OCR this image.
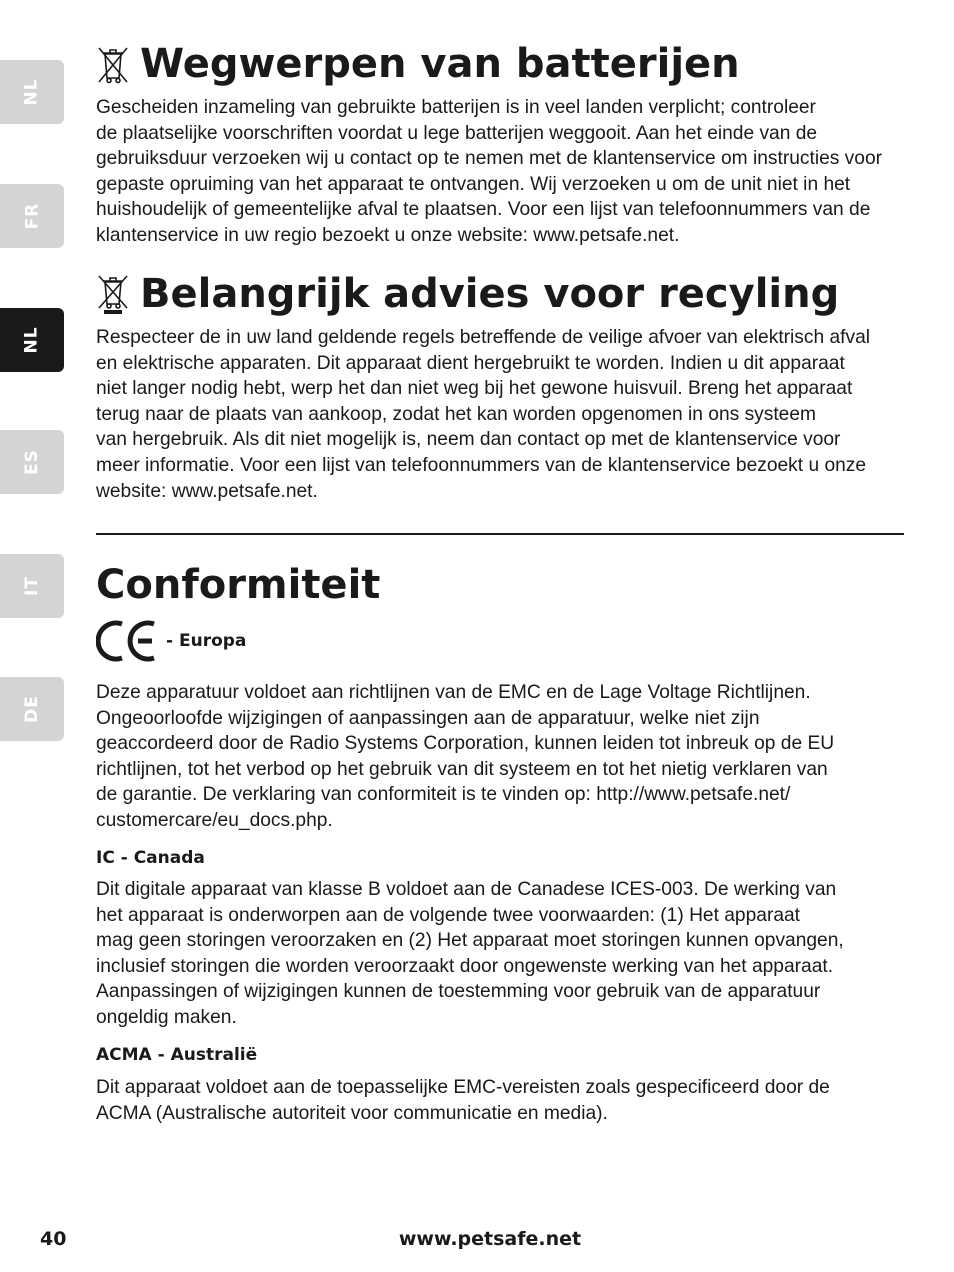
NL
FR
NL
ES
IT
DE
Wegwerpen van batterijen

Gescheiden inzameling van gebruikte batterijen is in veel landen verplicht; controleer
de plaatselijke voorschriften voordat u lege batterijen weggooit. Aan het einde van de
gebruiksduur verzoeken wij u contact op te nemen met de klantenservice om instructies voor
gepaste opruiming van het apparaat te ontvangen. Wij verzoeken u om de unit niet in het
huishoudelijk of gemeentelijke afval te plaatsen. Voor een lijst van telefoonnummers van de
klantenservice in uw regio bezoekt u onze website: www.petsafe.net.

Belangrijk advies voor recyling

Respecteer de in uw land geldende regels betreffende de veilige afvoer van elektrisch afval
en elektrische apparaten. Dit apparaat dient hergebruikt te worden. Indien u dit apparaat
niet langer nodig hebt, werp het dan niet weg bij het gewone huisvuil. Breng het apparaat
terug naar de plaats van aankoop, zodat het kan worden opgenomen in ons systeem
van hergebruik. Als dit niet mogelijk is, neem dan contact op met de klantenservice voor
meer informatie. Voor een lijst van telefoonnummers van de klantenservice bezoekt u onze
website: www.petsafe.net.

Conformiteit
- Europa

Deze apparatuur voldoet aan richtlijnen van de EMC en de Lage Voltage Richtlijnen.
Ongeoorloofde wijzigingen of aanpassingen aan de apparatuur, welke niet zijn
geaccordeerd door de Radio Systems Corporation, kunnen leiden tot inbreuk op de EU
richtlijnen, tot het verbod op het gebruik van dit systeem en tot het nietig verklaren van
de garantie. De verklaring van conformiteit is te vinden op: http://www.petsafe.net/
customercare/eu_docs.php.

IC - Canada

Dit digitale apparaat van klasse B voldoet aan de Canadese ICES-003. De werking van
het apparaat is onderworpen aan de volgende twee voorwaarden: (1) Het apparaat
mag geen storingen veroorzaken en (2) Het apparaat moet storingen kunnen opvangen,
inclusief storingen die worden veroorzaakt door ongewenste werking van het apparaat.
Aanpassingen of wijzigingen kunnen de toestemming voor gebruik van de apparatuur
ongeldig maken.

ACMA - Australië

Dit apparaat voldoet aan de toepasselijke EMC-vereisten zoals gespecificeerd door de
ACMA (Australische autoriteit voor communicatie en media).

40	www.petsafe.net
